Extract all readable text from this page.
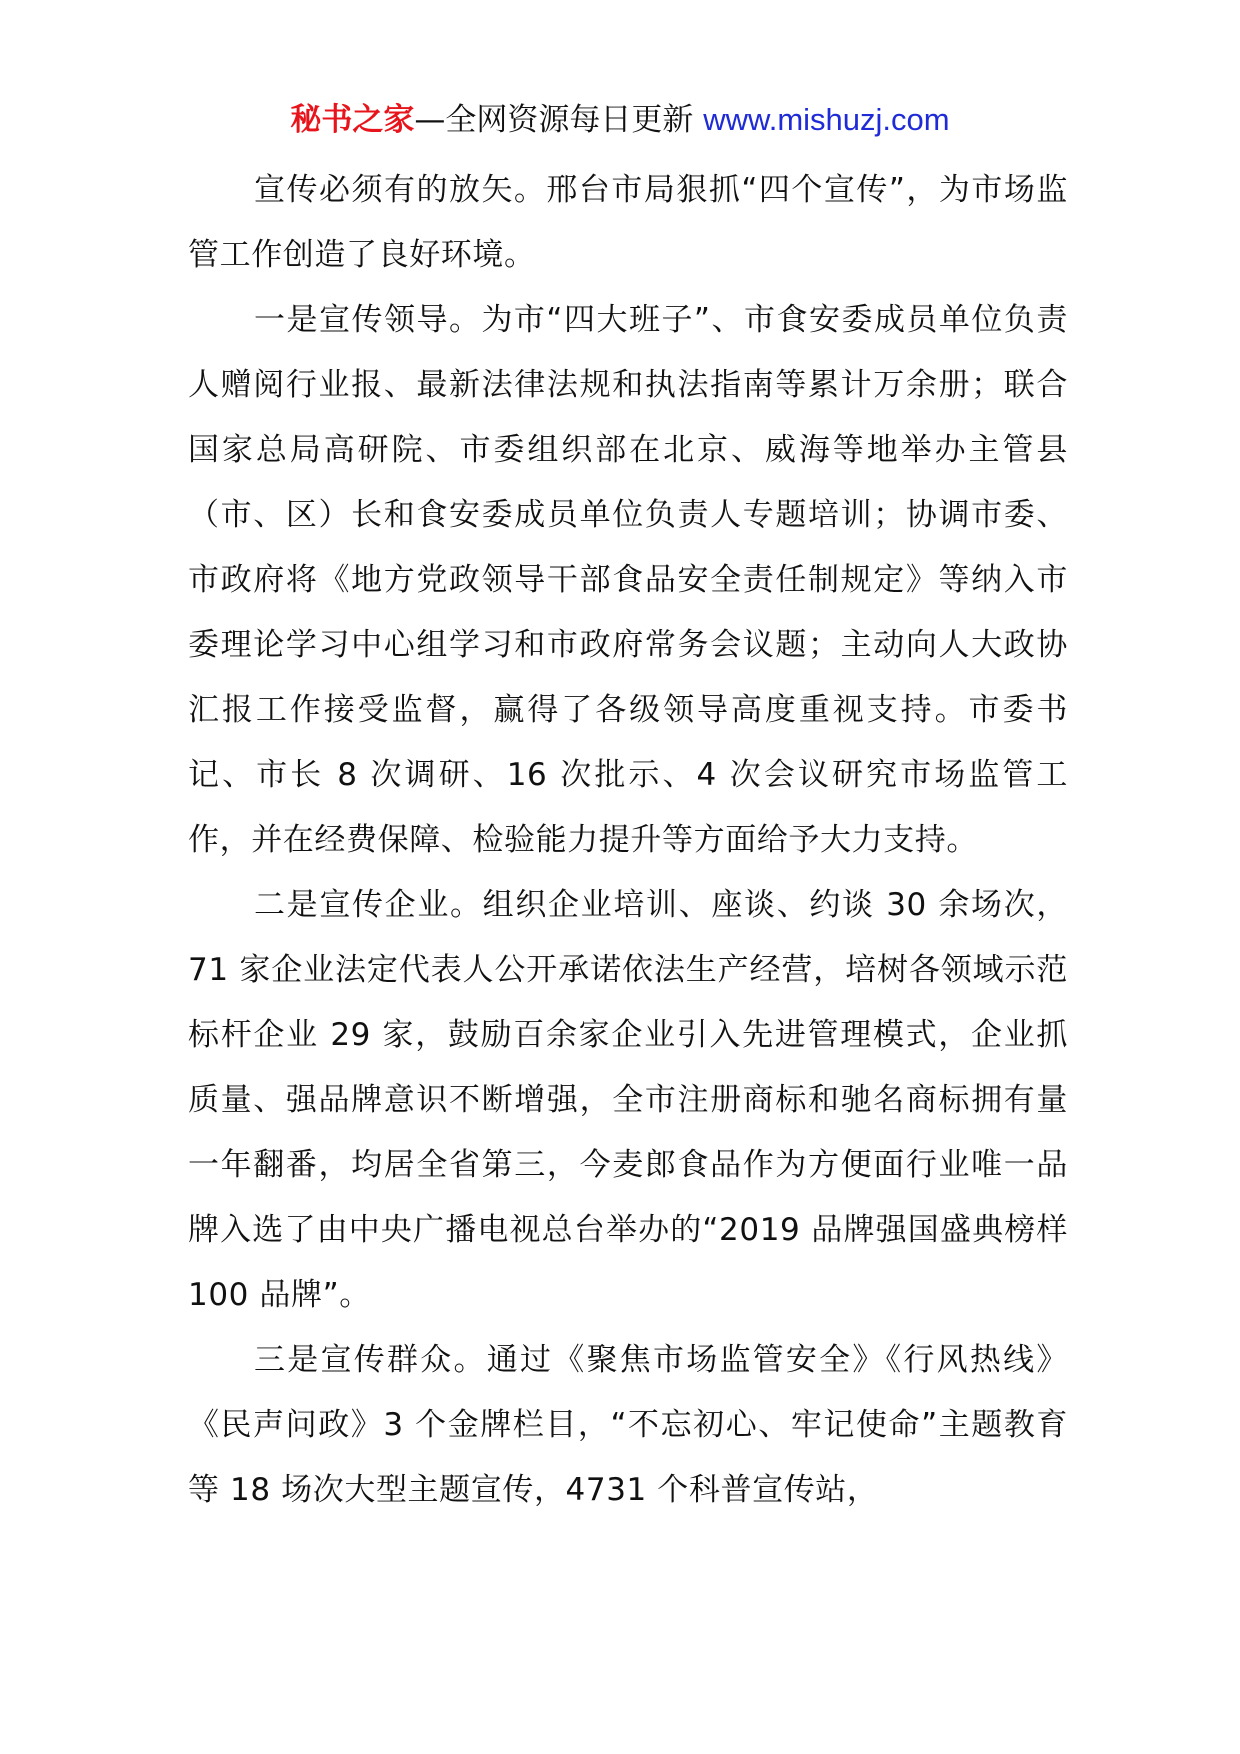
秘书之家—全网资源每日更新 www.mishuzj.com

宣传必须有的放矢。邢台市局狠抓“四个宣传”，为市场监管工作创造了良好环境。

一是宣传领导。为市“四大班子”、市食安委成员单位负责人赠阅行业报、最新法律法规和执法指南等累计万余册；联合国家总局高研院、市委组织部在北京、威海等地举办主管县（市、区）长和食安委成员单位负责人专题培训；协调市委、市政府将《地方党政领导干部食品安全责任制规定》等纳入市委理论学习中心组学习和市政府常务会议题；主动向人大政协汇报工作接受监督，赢得了各级领导高度重视支持。市委书记、市长 8 次调研、16 次批示、4 次会议研究市场监管工作，并在经费保障、检验能力提升等方面给予大力支持。

二是宣传企业。组织企业培训、座谈、约谈 30 余场次，71 家企业法定代表人公开承诺依法生产经营，培树各领域示范标杆企业 29 家，鼓励百余家企业引入先进管理模式，企业抓质量、强品牌意识不断增强，全市注册商标和驰名商标拥有量一年翻番，均居全省第三，今麦郎食品作为方便面行业唯一品牌入选了由中央广播电视总台举办的“2019 品牌强国盛典榜样 100 品牌”。

三是宣传群众。通过《聚焦市场监管安全》《行风热线》《民声问政》3 个金牌栏目，“不忘初心、牢记使命”主题教育等 18 场次大型主题宣传，4731 个科普宣传站，
